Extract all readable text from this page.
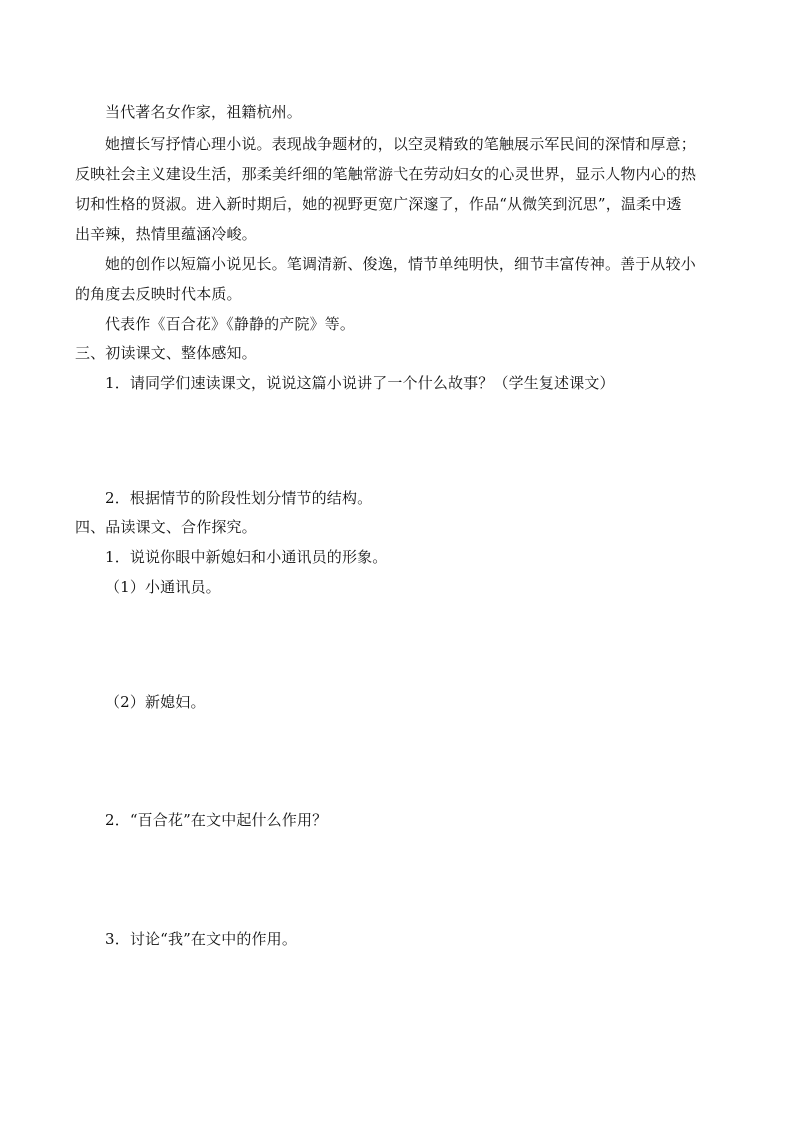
当代著名女作家，祖籍杭州。
她擅长写抒情心理小说。表现战争题材的，以空灵精致的笔触展示军民间的深情和厚意；
反映社会主义建设生活，那柔美纤细的笔触常游弋在劳动妇女的心灵世界，显示人物内心的热
切和性格的贤淑。进入新时期后，她的视野更宽广深邃了，作品“从微笑到沉思”，温柔中透
出辛辣，热情里蕴涵冷峻。
她的创作以短篇小说见长。笔调清新、俊逸，情节单纯明快，细节丰富传神。善于从较小
的角度去反映时代本质。
代表作《百合花》《静静的产院》等。
三、初读课文、整体感知。
1．请同学们速读课文，说说这篇小说讲了一个什么故事？（学生复述课文）
2．根据情节的阶段性划分情节的结构。
四、品读课文、合作探究。
1．说说你眼中新媳妇和小通讯员的形象。
（1）小通讯员。
（2）新媳妇。
2．“百合花”在文中起什么作用？
3．讨论“我”在文中的作用。
